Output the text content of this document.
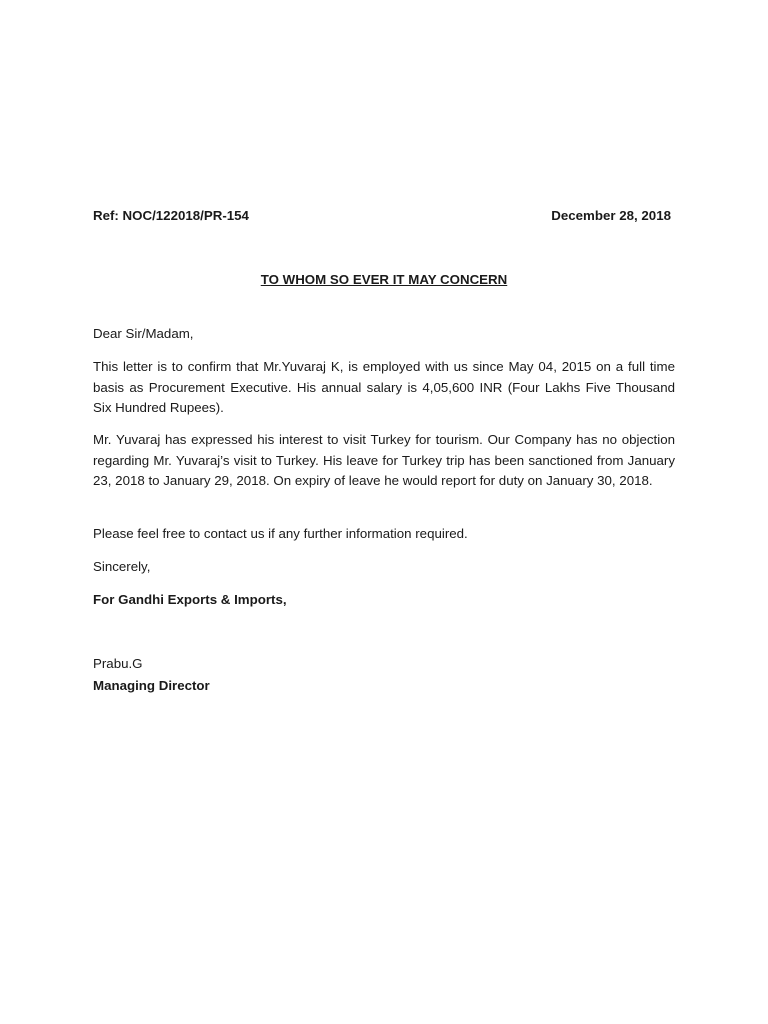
Ref: NOC/122018/PR-154	December 28, 2018
TO WHOM SO EVER IT MAY CONCERN

Dear Sir/Madam,

This letter is to confirm that Mr.Yuvaraj K, is employed with us since May 04, 2015 on a full time basis as Procurement Executive. His annual salary is 4,05,600 INR (Four Lakhs Five Thousand Six Hundred Rupees).

Mr. Yuvaraj has expressed his interest to visit Turkey for tourism. Our Company has no objection regarding Mr. Yuvaraj’s visit to Turkey. His leave for Turkey trip has been sanctioned from January 23, 2018 to January 29, 2018. On expiry of leave he would report for duty on January 30, 2018.

Please feel free to contact us if any further information required.

Sincerely,

For Gandhi Exports & Imports,

Prabu.G

Managing Director
